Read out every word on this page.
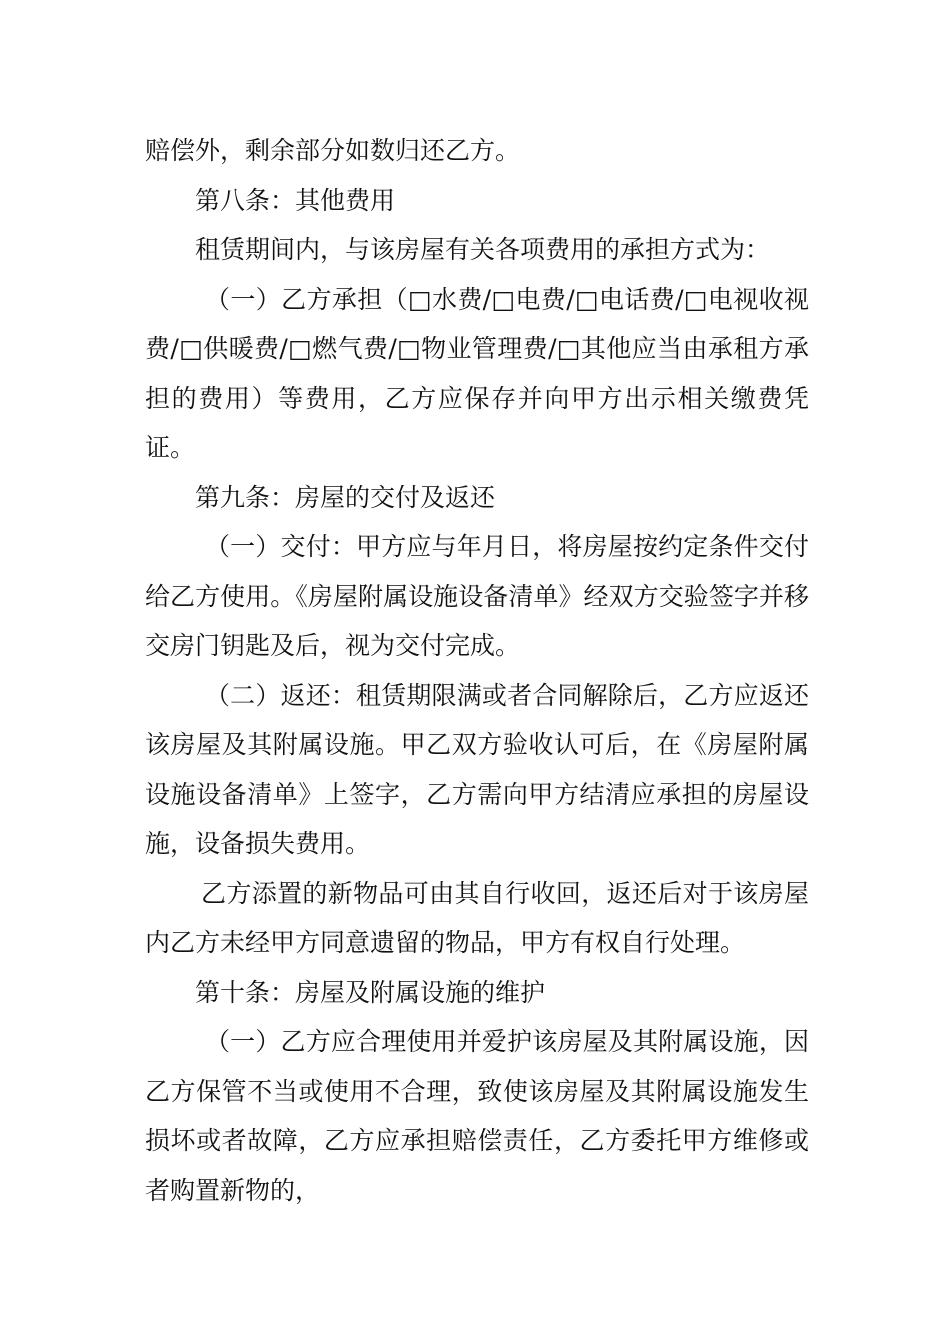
赔偿外，剩余部分如数归还乙方。

第八条：其他费用

租赁期间内，与该房屋有关各项费用的承担方式为：

（一）乙方承担（□水费/□电费/□电话费/□电视收视费/□供暖费/□燃气费/□物业管理费/□其他应当由承租方承担的费用）等费用，乙方应保存并向甲方出示相关缴费凭证。

第九条：房屋的交付及返还

（一）交付：甲方应与年月日，将房屋按约定条件交付给乙方使用。《房屋附属设施设备清单》经双方交验签字并移交房门钥匙及后，视为交付完成。

（二）返还：租赁期限满或者合同解除后，乙方应返还该房屋及其附属设施。甲乙双方验收认可后，在《房屋附属设施设备清单》上签字，乙方需向甲方结清应承担的房屋设施，设备损失费用。

乙方添置的新物品可由其自行收回，返还后对于该房屋内乙方未经甲方同意遗留的物品，甲方有权自行处理。

第十条：房屋及附属设施的维护

（一）乙方应合理使用并爱护该房屋及其附属设施，因乙方保管不当或使用不合理，致使该房屋及其附属设施发生损坏或者故障，乙方应承担赔偿责任，乙方委托甲方维修或者购置新物的，
